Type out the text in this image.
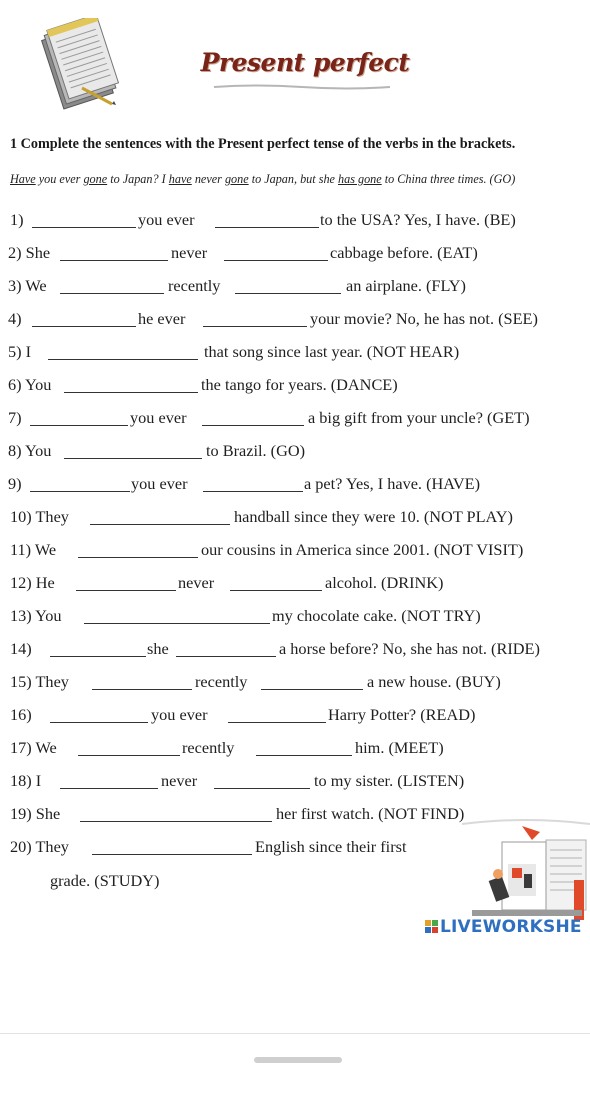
Present perfect
1 Complete the sentences with the Present perfect tense of the verbs in the brackets.
Have you ever gone to Japan? I have never gone to Japan, but she has gone to China three times. (GO)
1)	you ever	to the USA? Yes, I have. (BE)
2) She	never	cabbage before. (EAT)
3) We	recently	an airplane. (FLY)
4)	he ever	your movie? No, he has not. (SEE)
5) I	that song since last year. (NOT HEAR)
6) You	the tango for years. (DANCE)
7)	you ever	a big gift from your uncle? (GET)
8) You	to Brazil. (GO)
9)	you ever	a pet? Yes, I have. (HAVE)
10) They	handball since they were 10. (NOT PLAY)
11) We	our cousins in America since 2001. (NOT VISIT)
12) He	never	alcohol. (DRINK)
13) You	my chocolate cake. (NOT TRY)
14)	she	a horse before? No, she has not. (RIDE)
15) They	recently	a new house. (BUY)
16)	you ever	Harry Potter? (READ)
17) We	recently	him. (MEET)
18) I	never	to my sister. (LISTEN)
19) She	her first watch. (NOT FIND)
20) They	English since their first
grade. (STUDY)
LIVEWORKSHE
